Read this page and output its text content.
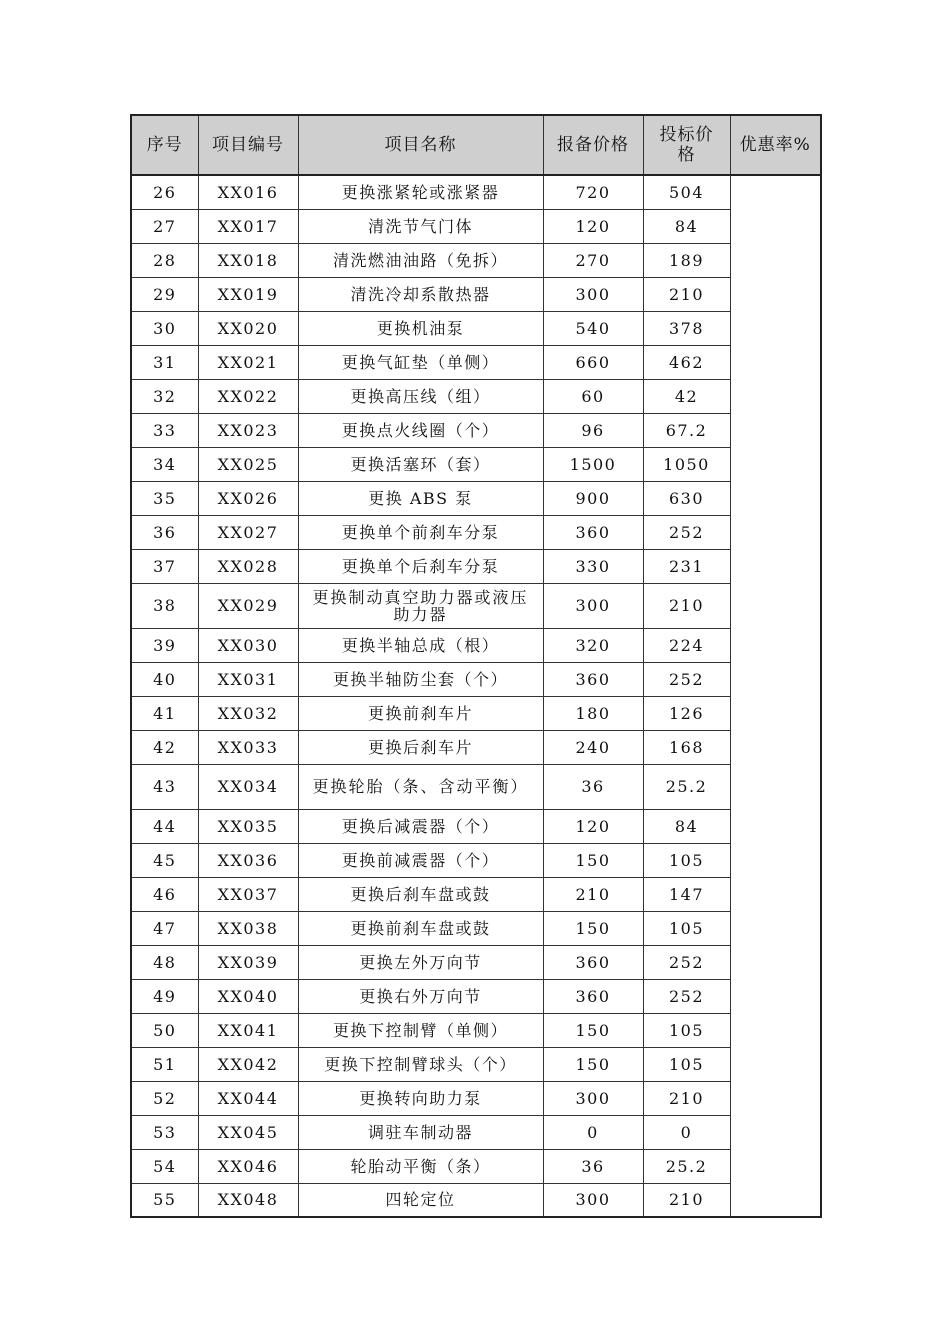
序号	项目编号	项目名称	报备价格	投标价格	优惠率%
26	XX016	更换涨紧轮或涨紧器	720	504	
27	XX017	清洗节气门体	120	84	
28	XX018	清洗燃油油路（免拆）	270	189	
29	XX019	清洗冷却系散热器	300	210	
30	XX020	更换机油泵	540	378	
31	XX021	更换气缸垫（单侧）	660	462	
32	XX022	更换高压线（组）	60	42	
33	XX023	更换点火线圈（个）	96	67.2	
34	XX025	更换活塞环（套）	1500	1050	
35	XX026	更换 ABS 泵	900	630	
36	XX027	更换单个前刹车分泵	360	252	
37	XX028	更换单个后刹车分泵	330	231	
38	XX029	更换制动真空助力器或液压助力器	300	210	
39	XX030	更换半轴总成（根）	320	224	
40	XX031	更换半轴防尘套（个）	360	252	
41	XX032	更换前刹车片	180	126	
42	XX033	更换后刹车片	240	168	
43	XX034	更换轮胎（条、含动平衡）	36	25.2	
44	XX035	更换后减震器（个）	120	84	
45	XX036	更换前减震器（个）	150	105	
46	XX037	更换后刹车盘或鼓	210	147	
47	XX038	更换前刹车盘或鼓	150	105	
48	XX039	更换左外万向节	360	252	
49	XX040	更换右外万向节	360	252	
50	XX041	更换下控制臂（单侧）	150	105	
51	XX042	更换下控制臂球头（个）	150	105	
52	XX044	更换转向助力泵	300	210	
53	XX045	调驻车制动器	0	0	
54	XX046	轮胎动平衡（条）	36	25.2	
55	XX048	四轮定位	300	210	
